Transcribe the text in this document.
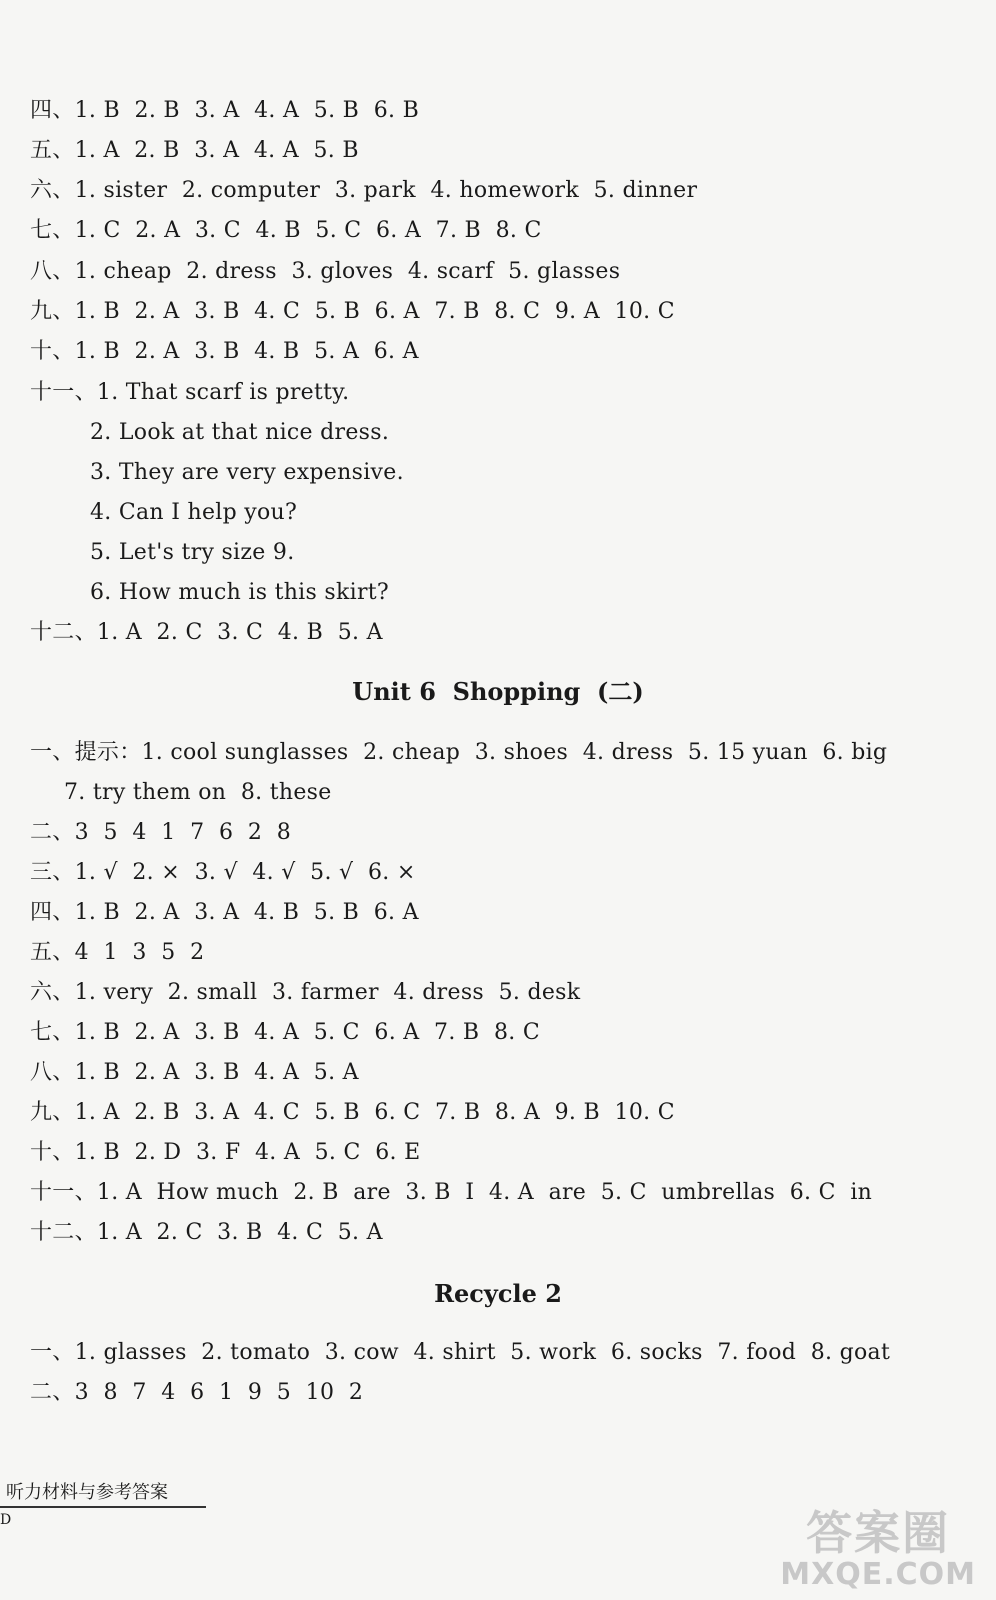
四、1. B  2. B  3. A  4. A  5. B  6. B
五、1. A  2. B  3. A  4. A  5. B
六、1. sister  2. computer  3. park  4. homework  5. dinner
七、1. C  2. A  3. C  4. B  5. C  6. A  7. B  8. C
八、1. cheap  2. dress  3. gloves  4. scarf  5. glasses
九、1. B  2. A  3. B  4. C  5. B  6. A  7. B  8. C  9. A  10. C
十、1. B  2. A  3. B  4. B  5. A  6. A
十一、1. That scarf is pretty.
2. Look at that nice dress.
3. They are very expensive.
4. Can I help you?
5. Let's try size 9.
6. How much is this skirt?
十二、1. A  2. C  3. C  4. B  5. A
Unit 6  Shopping  (二)
一、提示：1. cool sunglasses  2. cheap  3. shoes  4. dress  5. 15 yuan  6. big
7. try them on  8. these
二、3  5  4  1  7  6  2  8
三、1. √  2. ×  3. √  4. √  5. √  6. ×
四、1. B  2. A  3. A  4. B  5. B  6. A
五、4  1  3  5  2
六、1. very  2. small  3. farmer  4. dress  5. desk
七、1. B  2. A  3. B  4. A  5. C  6. A  7. B  8. C
八、1. B  2. A  3. B  4. A  5. A
九、1. A  2. B  3. A  4. C  5. B  6. C  7. B  8. A  9. B  10. C
十、1. B  2. D  3. F  4. A  5. C  6. E
十一、1. A  How much  2. B  are  3. B  I  4. A  are  5. C  umbrellas  6. C  in
十二、1. A  2. C  3. B  4. C  5. A
Recycle 2
一、1. glasses  2. tomato  3. cow  4. shirt  5. work  6. socks  7. food  8. goat
二、3  8  7  4  6  1  9  5  10  2
听力材料与参考答案
D	答案圈
MXQE.COM
